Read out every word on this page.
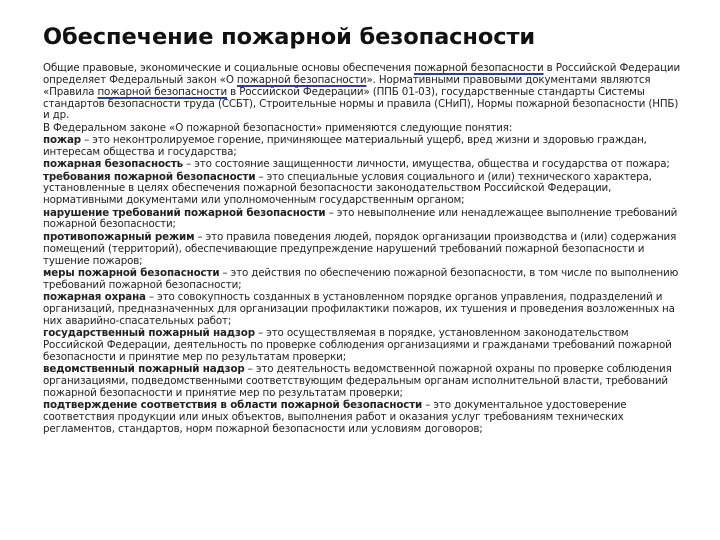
Обеспечение пожарной безопасности

Общие правовые, экономические и социальные основы обеспечения пожарной безопасности в Российской Федерации определяет Федеральный закон «О пожарной безопасности». Нормативными правовыми документами являются «Правила пожарной безопасности в Российской Федерации» (ППБ 01-03), государственные стандарты Системы стандартов безопасности труда (ССБТ), Строительные нормы и правила (СНиП), Нормы пожарной безопасности (НПБ) и др.

В Федеральном законе «О пожарной безопасности» применяются следующие понятия:

пожар – это неконтролируемое горение, причиняющее материальный ущерб, вред жизни и здоровью граждан, интересам общества и государства;

пожарная безопасность – это состояние защищенности личности, имущества, общества и государства от пожара;

требования пожарной безопасности – это специальные условия социального и (или) технического характера, установленные в целях обеспечения пожарной безопасности законодательством Российской Федерации, нормативными документами или уполномоченным государственным органом;

нарушение требований пожарной безопасности – это невыполнение или ненадлежащее выполнение требований пожарной безопасности;

противопожарный режим – это правила поведения людей, порядок организации производства и (или) содержания помещений (территорий), обеспечивающие предупреждение нарушений требований пожарной безопасности и тушение пожаров;

меры пожарной безопасности – это действия по обеспечению пожарной безопасности, в том числе по выполнению требований пожарной безопасности;

пожарная охрана – это совокупность созданных в установленном порядке органов управления, подразделений и организаций, предназначенных для организации профилактики пожаров, их тушения и проведения возложенных на них аварийно-спасательных работ;

государственный пожарный надзор – это осуществляемая в порядке, установленном законодательством Российской Федерации, деятельность по проверке соблюдения организациями и гражданами требований пожарной безопасности и принятие мер по результатам проверки;

ведомственный пожарный надзор – это деятельность ведомственной пожарной охраны по проверке соблюдения организациями, подведомственными соответствующим федеральным органам исполнительной власти, требований пожарной безопасности и принятие мер по результатам проверки;

подтверждение соответствия в области пожарной безопасности – это документальное удостоверение соответствия продукции или иных объектов, выполнения работ и оказания услуг требованиям технических регламентов, стандартов, норм пожарной безопасности или условиям договоров;
